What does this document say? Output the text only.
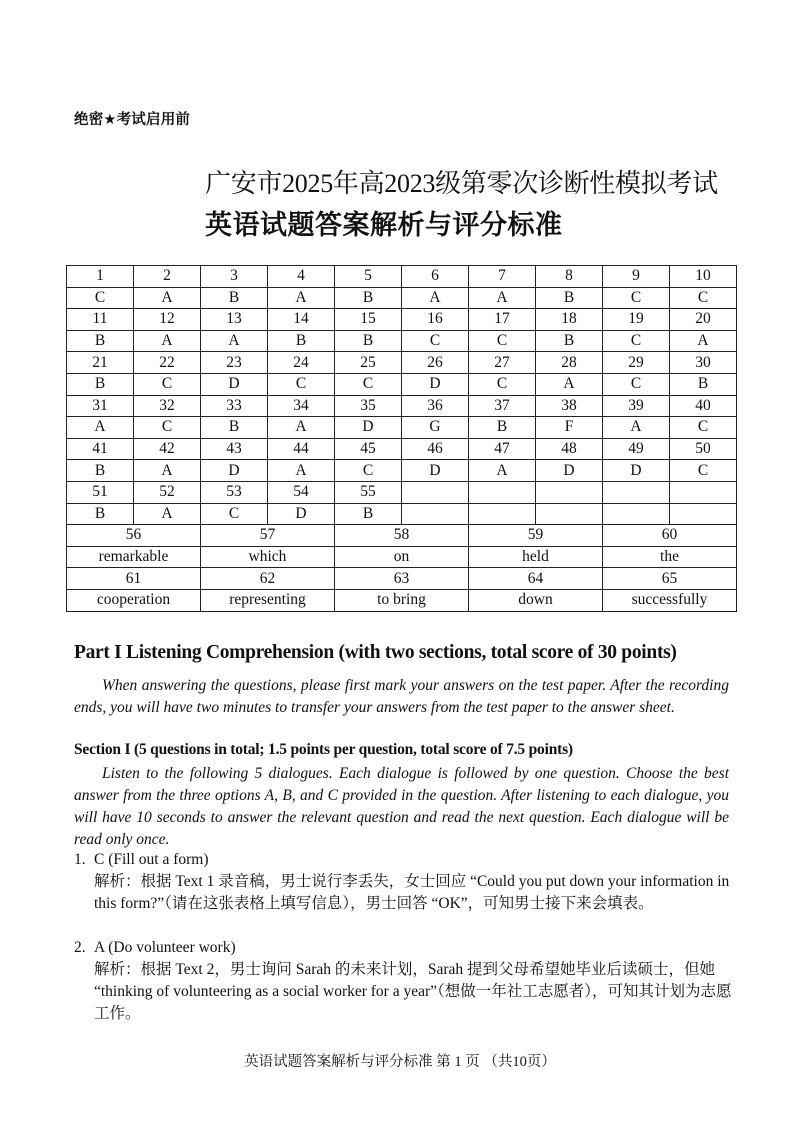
绝密★考试启用前
广安市2025年高2023级第零次诊断性模拟考试
英语试题答案解析与评分标准
1	2	3	4	5	6	7	8	9	10
C	A	B	A	B	A	A	B	C	C
11	12	13	14	15	16	17	18	19	20
B	A	A	B	B	C	C	B	C	A
21	22	23	24	25	26	27	28	29	30
B	C	D	C	C	D	C	A	C	B
31	32	33	34	35	36	37	38	39	40
A	C	B	A	D	G	B	F	A	C
41	42	43	44	45	46	47	48	49	50
B	A	D	A	C	D	A	D	D	C
51	52	53	54	55					
B	A	C	D	B					
56		57		58		59		60	
remarkable		which		on		held		the	
61		62		63		64		65	
cooperation		representing		to bring		down		successfully	
Part I Listening Comprehension (with two sections, total score of 30 points)
When answering the questions, please first mark your answers on the test paper. After the recording ends, you will have two minutes to transfer your answers from the test paper to the answer sheet.
Section I (5 questions in total; 1.5 points per question, total score of 7.5 points)
Listen to the following 5 dialogues. Each dialogue is followed by one question. Choose the best answer from the three options A, B, and C provided in the question. After listening to each dialogue, you will have 10 seconds to answer the relevant question and read the next question. Each dialogue will be read only once.
1. C (Fill out a form)
解析：根据 Text 1 录音稿，男士说行李丢失，女士回应 “Could you put down your information in this form?”（请在这张表格上填写信息），男士回答 “OK”，可知男士接下来会填表。
2. A (Do volunteer work)
解析：根据 Text 2，男士询问 Sarah 的未来计划，Sarah 提到父母希望她毕业后读硕士，但她 “thinking of volunteering as a social worker for a year”（想做一年社工志愿者），可知其计划为志愿工作。
英语试题答案解析与评分标准 第 1 页 （共10页）
